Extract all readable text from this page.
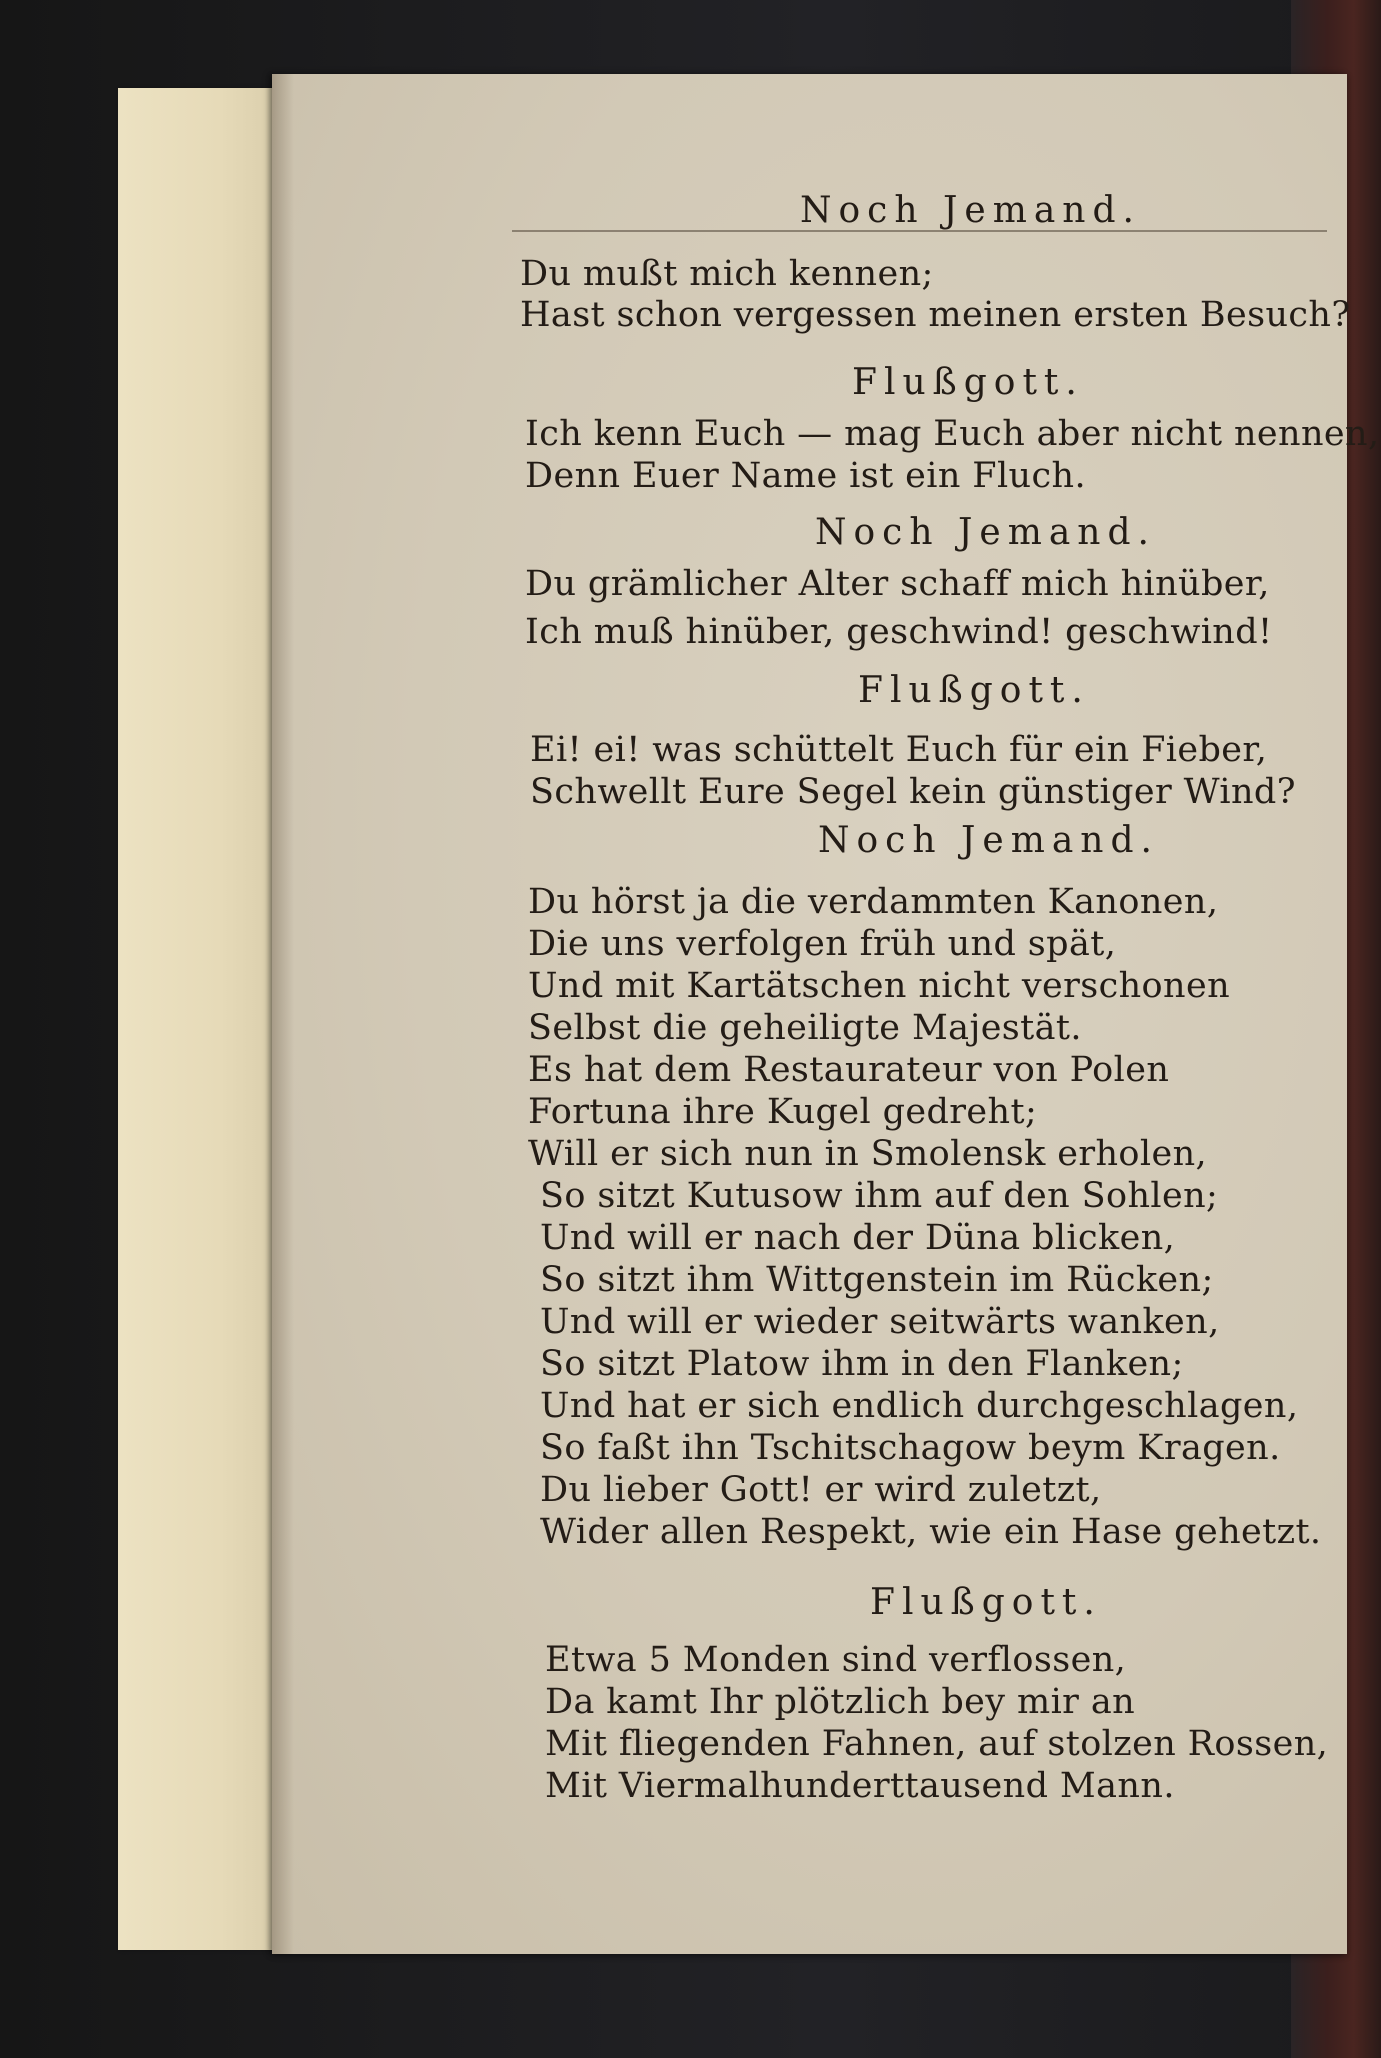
Noch Jemand.
Du mußt mich kennen;
Hast schon vergessen meinen ersten Besuch?
Flußgott.
Ich kenn Euch — mag Euch aber nicht nennen,
Denn Euer Name ist ein Fluch.
Noch Jemand.
Du grämlicher Alter schaff mich hinüber,
Ich muß hinüber, geschwind! geschwind!
Flußgott.
Ei! ei! was schüttelt Euch für ein Fieber,
Schwellt Eure Segel kein günstiger Wind?
Noch Jemand.
Du hörst ja die verdammten Kanonen,
Die uns verfolgen früh und spät,
Und mit Kartätschen nicht verschonen
Selbst die geheiligte Majestät.
Es hat dem Restaurateur von Polen
Fortuna ihre Kugel gedreht;
Will er sich nun in Smolensk erholen,
So sitzt Kutusow ihm auf den Sohlen;
Und will er nach der Düna blicken,
So sitzt ihm Wittgenstein im Rücken;
Und will er wieder seitwärts wanken,
So sitzt Platow ihm in den Flanken;
Und hat er sich endlich durchgeschlagen,
So faßt ihn Tschitschagow beym Kragen.
Du lieber Gott! er wird zuletzt,
Wider allen Respekt, wie ein Hase gehetzt.
Flußgott.
Etwa 5 Monden sind verflossen,
Da kamt Ihr plötzlich bey mir an
Mit fliegenden Fahnen, auf stolzen Rossen,
Mit Viermalhunderttausend Mann.
